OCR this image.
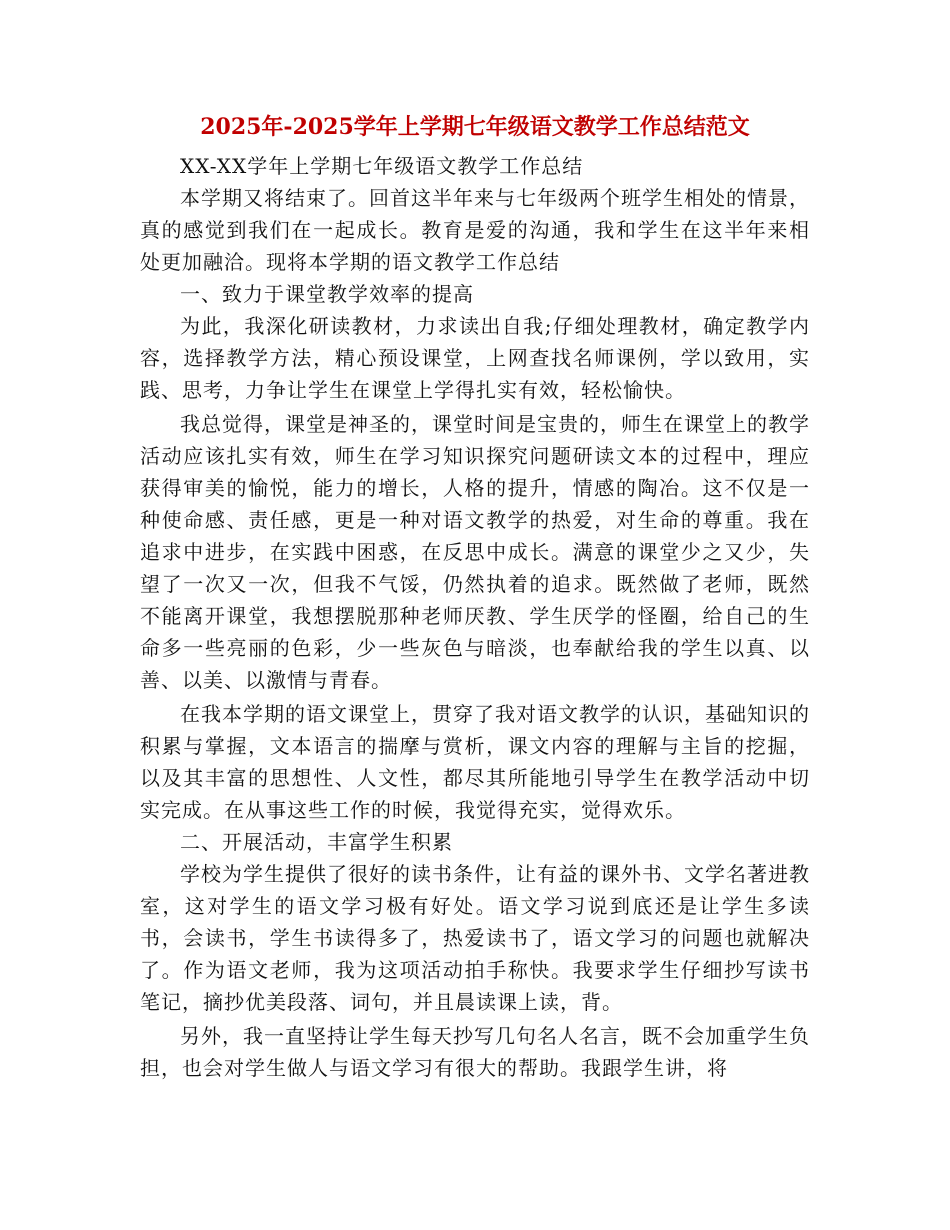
2025年-2025学年上学期七年级语文教学工作总结范文

XX-XX学年上学期七年级语文教学工作总结

本学期又将结束了。回首这半年来与七年级两个班学生相处的情景，真的感觉到我们在一起成长。教育是爱的沟通，我和学生在这半年来相处更加融洽。现将本学期的语文教学工作总结

一、致力于课堂教学效率的提高

为此，我深化研读教材，力求读出自我;仔细处理教材，确定教学内容，选择教学方法，精心预设课堂，上网查找名师课例，学以致用，实践、思考，力争让学生在课堂上学得扎实有效，轻松愉快。

我总觉得，课堂是神圣的，课堂时间是宝贵的，师生在课堂上的教学活动应该扎实有效，师生在学习知识探究问题研读文本的过程中，理应获得审美的愉悦，能力的增长，人格的提升，情感的陶冶。这不仅是一种使命感、责任感，更是一种对语文教学的热爱，对生命的尊重。我在追求中进步，在实践中困惑，在反思中成长。满意的课堂少之又少，失望了一次又一次，但我不气馁，仍然执着的追求。既然做了老师，既然不能离开课堂，我想摆脱那种老师厌教、学生厌学的怪圈，给自己的生命多一些亮丽的色彩，少一些灰色与暗淡，也奉献给我的学生以真、以善、以美、以激情与青春。

在我本学期的语文课堂上，贯穿了我对语文教学的认识，基础知识的积累与掌握，文本语言的揣摩与赏析，课文内容的理解与主旨的挖掘，以及其丰富的思想性、人文性，都尽其所能地引导学生在教学活动中切实完成。在从事这些工作的时候，我觉得充实，觉得欢乐。

二、开展活动，丰富学生积累

学校为学生提供了很好的读书条件，让有益的课外书、文学名著进教室，这对学生的语文学习极有好处。语文学习说到底还是让学生多读书，会读书，学生书读得多了，热爱读书了，语文学习的问题也就解决了。作为语文老师，我为这项活动拍手称快。我要求学生仔细抄写读书笔记，摘抄优美段落、词句，并且晨读课上读，背。

另外，我一直坚持让学生每天抄写几句名人名言，既不会加重学生负担，也会对学生做人与语文学习有很大的帮助。我跟学生讲，将
